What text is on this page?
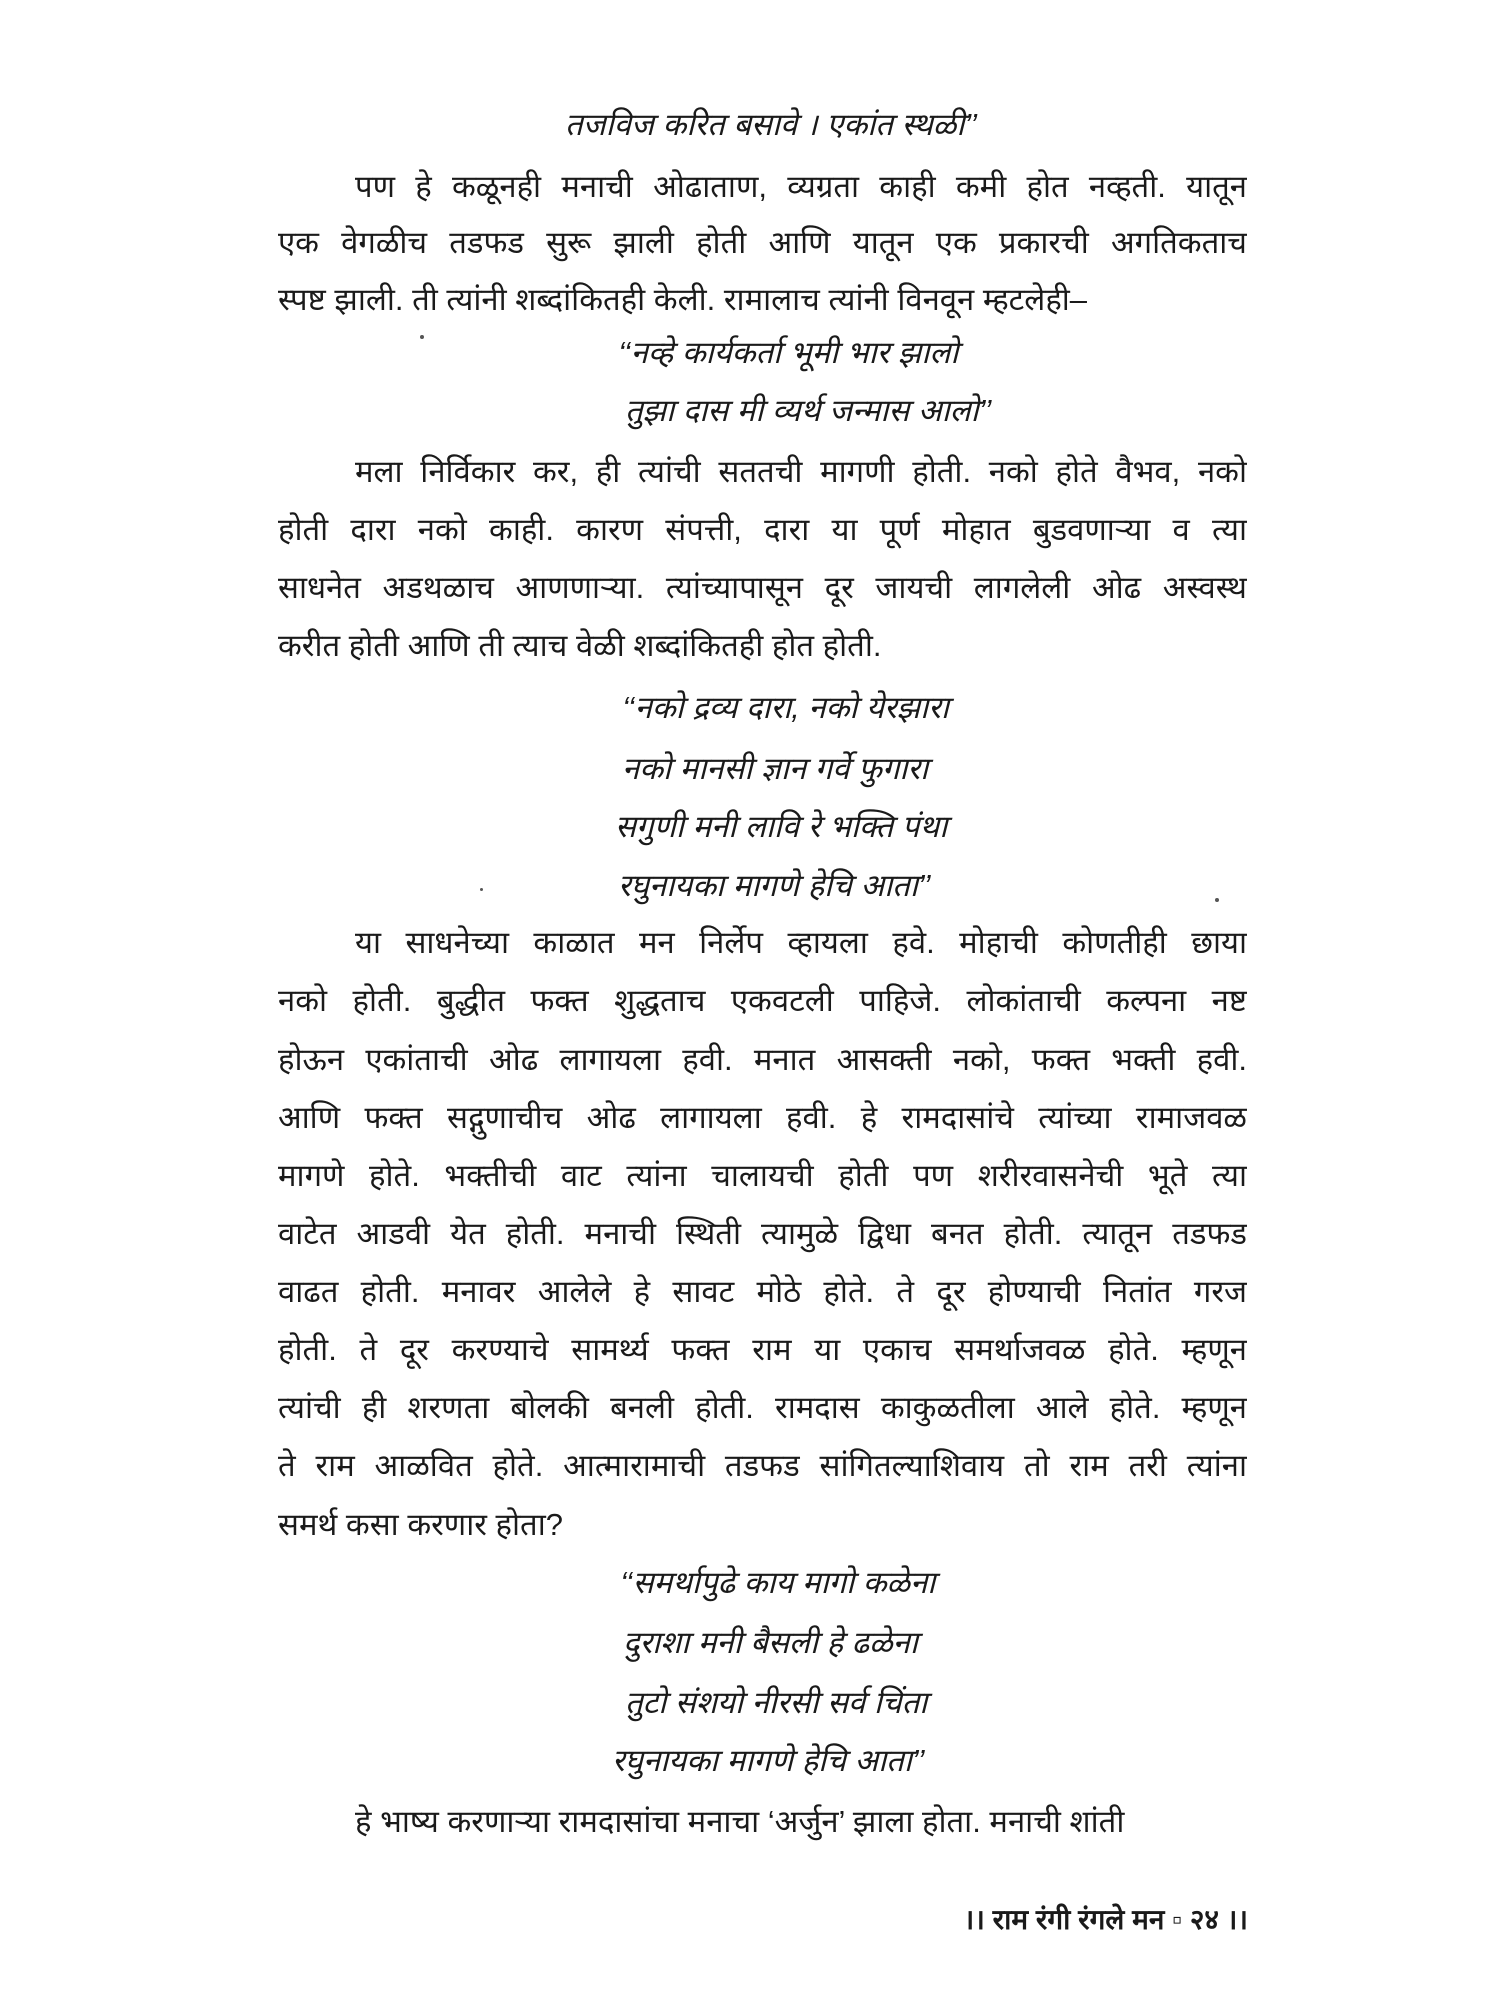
तजविज करित बसावे । एकांत स्थळी’’
पण हे कळूनही मनाची ओढाताण, व्यग्रता काही कमी होत नव्हती. यातून
एक वेगळीच तडफड सुरू झाली होती आणि यातून एक प्रकारची अगतिकताच
स्पष्ट झाली. ती त्यांनी शब्दांकितही केली. रामालाच त्यांनी विनवून म्हटलेही–
‘‘नव्हे कार्यकर्ता भूमी भार झालो
तुझा दास मी व्यर्थ जन्मास आलो’’
मला निर्विकार कर, ही त्यांची सततची मागणी होती. नको होते वैभव, नको
होती दारा नको काही. कारण संपत्ती, दारा या पूर्ण मोहात बुडवणाऱ्या व त्या
साधनेत अडथळाच आणणाऱ्या. त्यांच्यापासून दूर जायची लागलेली ओढ अस्वस्थ
करीत होती आणि ती त्याच वेळी शब्दांकितही होत होती.
‘‘नको द्रव्य दारा, नको येरझारा
नको मानसी ज्ञान गर्वे फुगारा
सगुणी मनी लावि रे भक्ति पंथा
रघुनायका मागणे हेचि आता’’
या साधनेच्या काळात मन निर्लेप व्हायला हवे. मोहाची कोणतीही छाया
नको होती. बुद्धीत फक्त शुद्धताच एकवटली पाहिजे. लोकांताची कल्पना नष्ट
होऊन एकांताची ओढ लागायला हवी. मनात आसक्ती नको, फक्त भक्ती हवी.
आणि फक्त सद्गुणाचीच ओढ लागायला हवी. हे रामदासांचे त्यांच्या रामाजवळ
मागणे होते. भक्तीची वाट त्यांना चालायची होती पण शरीरवासनेची भूते त्या
वाटेत आडवी येत होती. मनाची स्थिती त्यामुळे द्विधा बनत होती. त्यातून तडफड
वाढत होती. मनावर आलेले हे सावट मोठे होते. ते दूर होण्याची नितांत गरज
होती. ते दूर करण्याचे सामर्थ्य फक्त राम या एकाच समर्थाजवळ होते. म्हणून
त्यांची ही शरणता बोलकी बनली होती. रामदास काकुळतीला आले होते. म्हणून
ते राम आळवित होते. आत्मारामाची तडफड सांगितल्याशिवाय तो राम तरी त्यांना
समर्थ कसा करणार होता?
‘‘समर्थापुढे काय मागो कळेना
दुराशा मनी बैसली हे ढळेना
तुटो संशयो नीरसी सर्व चिंता
रघुनायका मागणे हेचि आता’’
हे भाष्य करणाऱ्या रामदासांचा मनाचा ‘अर्जुन’ झाला होता. मनाची शांती
।। राम रंगी रंगले मन ▫ २४ ।।
